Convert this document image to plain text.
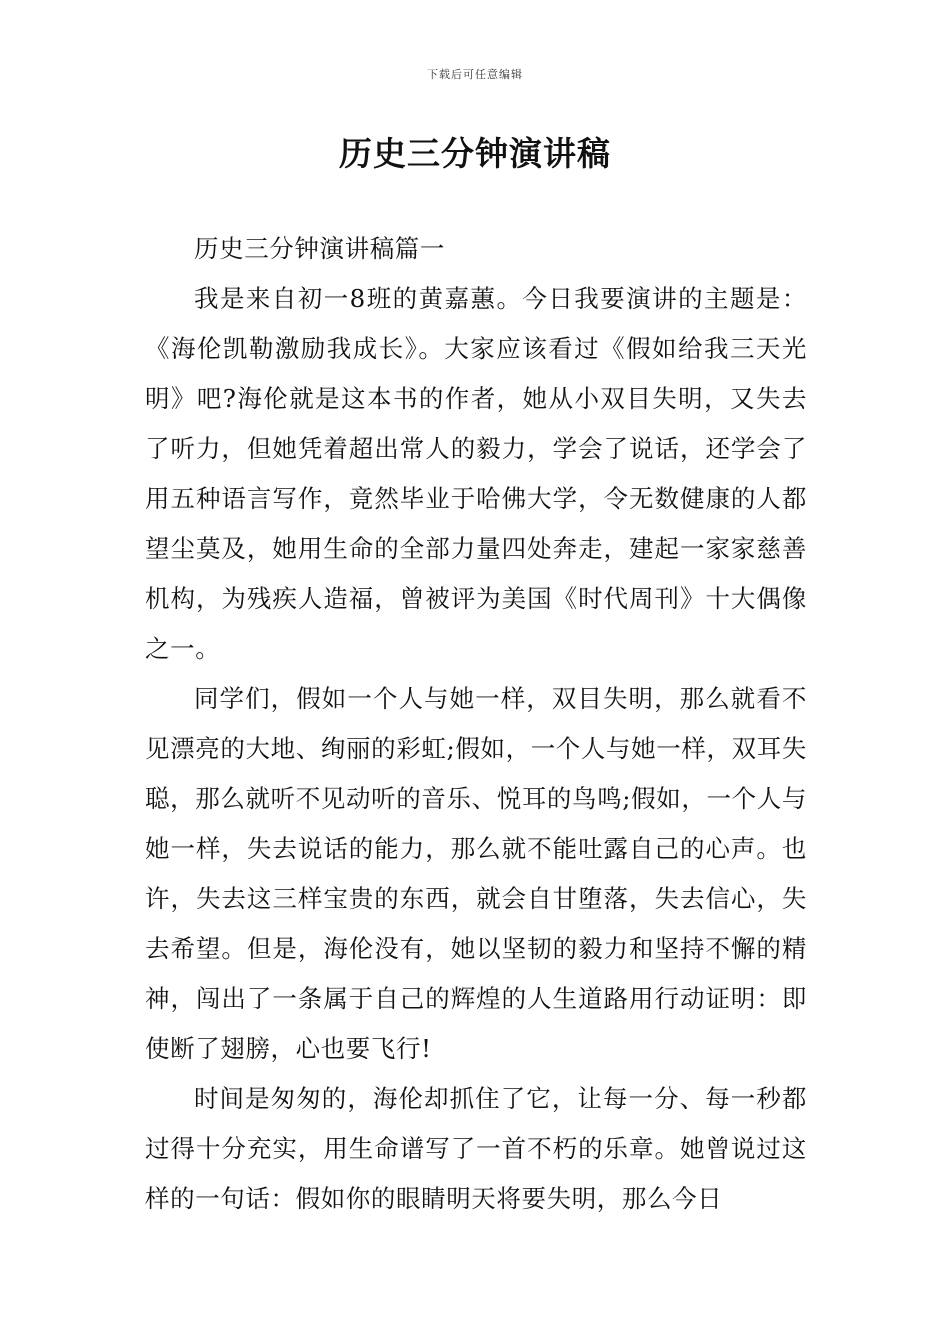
下载后可任意编辑
历史三分钟演讲稿

历史三分钟演讲稿篇一

我是来自初一8班的黄嘉蕙。今日我要演讲的主题是：《海伦凯勒激励我成长》。大家应该看过《假如给我三天光明》吧?海伦就是这本书的作者，她从小双目失明，又失去了听力，但她凭着超出常人的毅力，学会了说话，还学会了用五种语言写作，竟然毕业于哈佛大学，令无数健康的人都望尘莫及，她用生命的全部力量四处奔走，建起一家家慈善机构，为残疾人造福，曾被评为美国《时代周刊》十大偶像之一。

同学们，假如一个人与她一样，双目失明，那么就看不见漂亮的大地、绚丽的彩虹;假如，一个人与她一样，双耳失聪，那么就听不见动听的音乐、悦耳的鸟鸣;假如，一个人与她一样，失去说话的能力，那么就不能吐露自己的心声。也许，失去这三样宝贵的东西，就会自甘堕落，失去信心，失去希望。但是，海伦没有，她以坚韧的毅力和坚持不懈的精神，闯出了一条属于自己的辉煌的人生道路用行动证明：即使断了翅膀，心也要飞行!

时间是匆匆的，海伦却抓住了它，让每一分、每一秒都过得十分充实，用生命谱写了一首不朽的乐章。她曾说过这样的一句话：假如你的眼睛明天将要失明，那么今日
